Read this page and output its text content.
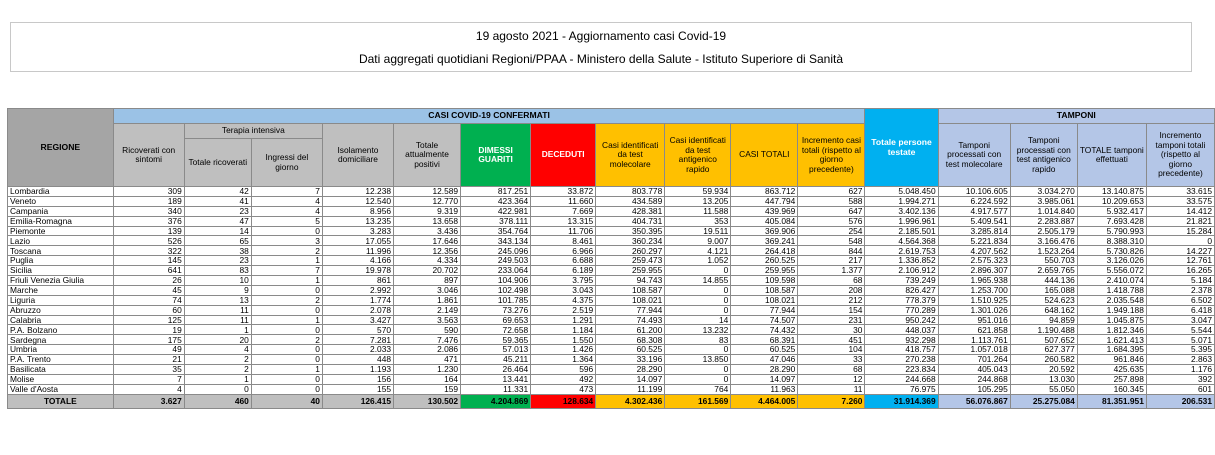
19 agosto 2021 - Aggiornamento casi Covid-19
Dati aggregati quotidiani Regioni/PPAA - Ministero della Salute - Istituto Superiore di Sanità
REGIONE	CASI COVID-19 CONFERMATI											Totale persone testate	TAMPONI			
	Ricoverati con sintomi	Terapia intensiva		Isolamento domiciliare	Totale attualmente positivi	DIMESSI GUARITI	DECEDUTI	Casi identificati da test molecolare	Casi identificati da test antigenico rapido	CASI TOTALI	Incremento casi totali (rispetto al giorno precedente)		Tamponi processati con test molecolare	Tamponi processati con test antigenico rapido	TOTALE tamponi effettuati	Incremento tamponi totali (rispetto al giorno precedente)
		Totale ricoverati	Ingressi del giorno													
Lombardia	309	42	7	12.238	12.589	817.251	33.872	803.778	59.934	863.712	627	5.048.450	10.106.605	3.034.270	13.140.875	33.615
Veneto	189	41	4	12.540	12.770	423.364	11.660	434.589	13.205	447.794	588	1.994.271	6.224.592	3.985.061	10.209.653	33.575
Campania	340	23	4	8.956	9.319	422.981	7.669	428.381	11.588	439.969	647	3.402.136	4.917.577	1.014.840	5.932.417	14.412
Emilia-Romagna	376	47	5	13.235	13.658	378.111	13.315	404.731	353	405.084	576	1.996.961	5.409.541	2.283.887	7.693.428	21.821
Piemonte	139	14	0	3.283	3.436	354.764	11.706	350.395	19.511	369.906	254	2.185.501	3.285.814	2.505.179	5.790.993	15.284
Lazio	526	65	3	17.055	17.646	343.134	8.461	360.234	9.007	369.241	548	4.564.368	5.221.834	3.166.476	8.388.310	0
Toscana	322	38	2	11.996	12.356	245.096	6.966	260.297	4.121	264.418	844	2.619.753	4.207.562	1.523.264	5.730.826	14.227
Puglia	145	23	1	4.166	4.334	249.503	6.688	259.473	1.052	260.525	217	1.336.852	2.575.323	550.703	3.126.026	12.761
Sicilia	641	83	7	19.978	20.702	233.064	6.189	259.955	0	259.955	1.377	2.106.912	2.896.307	2.659.765	5.556.072	16.265
Friuli Venezia Giulia	26	10	1	861	897	104.906	3.795	94.743	14.855	109.598	68	739.249	1.965.938	444.136	2.410.074	5.184
Marche	45	9	0	2.992	3.046	102.498	3.043	108.587	0	108.587	208	826.427	1.253.700	165.088	1.418.788	2.378
Liguria	74	13	2	1.774	1.861	101.785	4.375	108.021	0	108.021	212	778.379	1.510.925	524.623	2.035.548	6.502
Abruzzo	60	11	0	2.078	2.149	73.276	2.519	77.944	0	77.944	154	770.289	1.301.026	648.162	1.949.188	6.418
Calabria	125	11	1	3.427	3.563	69.653	1.291	74.493	14	74.507	231	950.242	951.016	94.859	1.045.875	3.047
P.A. Bolzano	19	1	0	570	590	72.658	1.184	61.200	13.232	74.432	30	448.037	621.858	1.190.488	1.812.346	5.544
Sardegna	175	20	2	7.281	7.476	59.365	1.550	68.308	83	68.391	451	932.298	1.113.761	507.652	1.621.413	5.071
Umbria	49	4	0	2.033	2.086	57.013	1.426	60.525	0	60.525	104	418.757	1.057.018	627.377	1.684.395	5.395
P.A. Trento	21	2	0	448	471	45.211	1.364	33.196	13.850	47.046	33	270.238	701.264	260.582	961.846	2.863
Basilicata	35	2	1	1.193	1.230	26.464	596	28.290	0	28.290	68	223.834	405.043	20.592	425.635	1.176
Molise	7	1	0	156	164	13.441	492	14.097	0	14.097	12	244.668	244.868	13.030	257.898	392
Valle d'Aosta	4	0	0	155	159	11.331	473	11.199	764	11.963	11	76.975	105.295	55.050	160.345	601
TOTALE	3.627	460	40	126.415	130.502	4.204.869	128.634	4.302.436	161.569	4.464.005	7.260	31.914.369	56.076.867	25.275.084	81.351.951	206.531
